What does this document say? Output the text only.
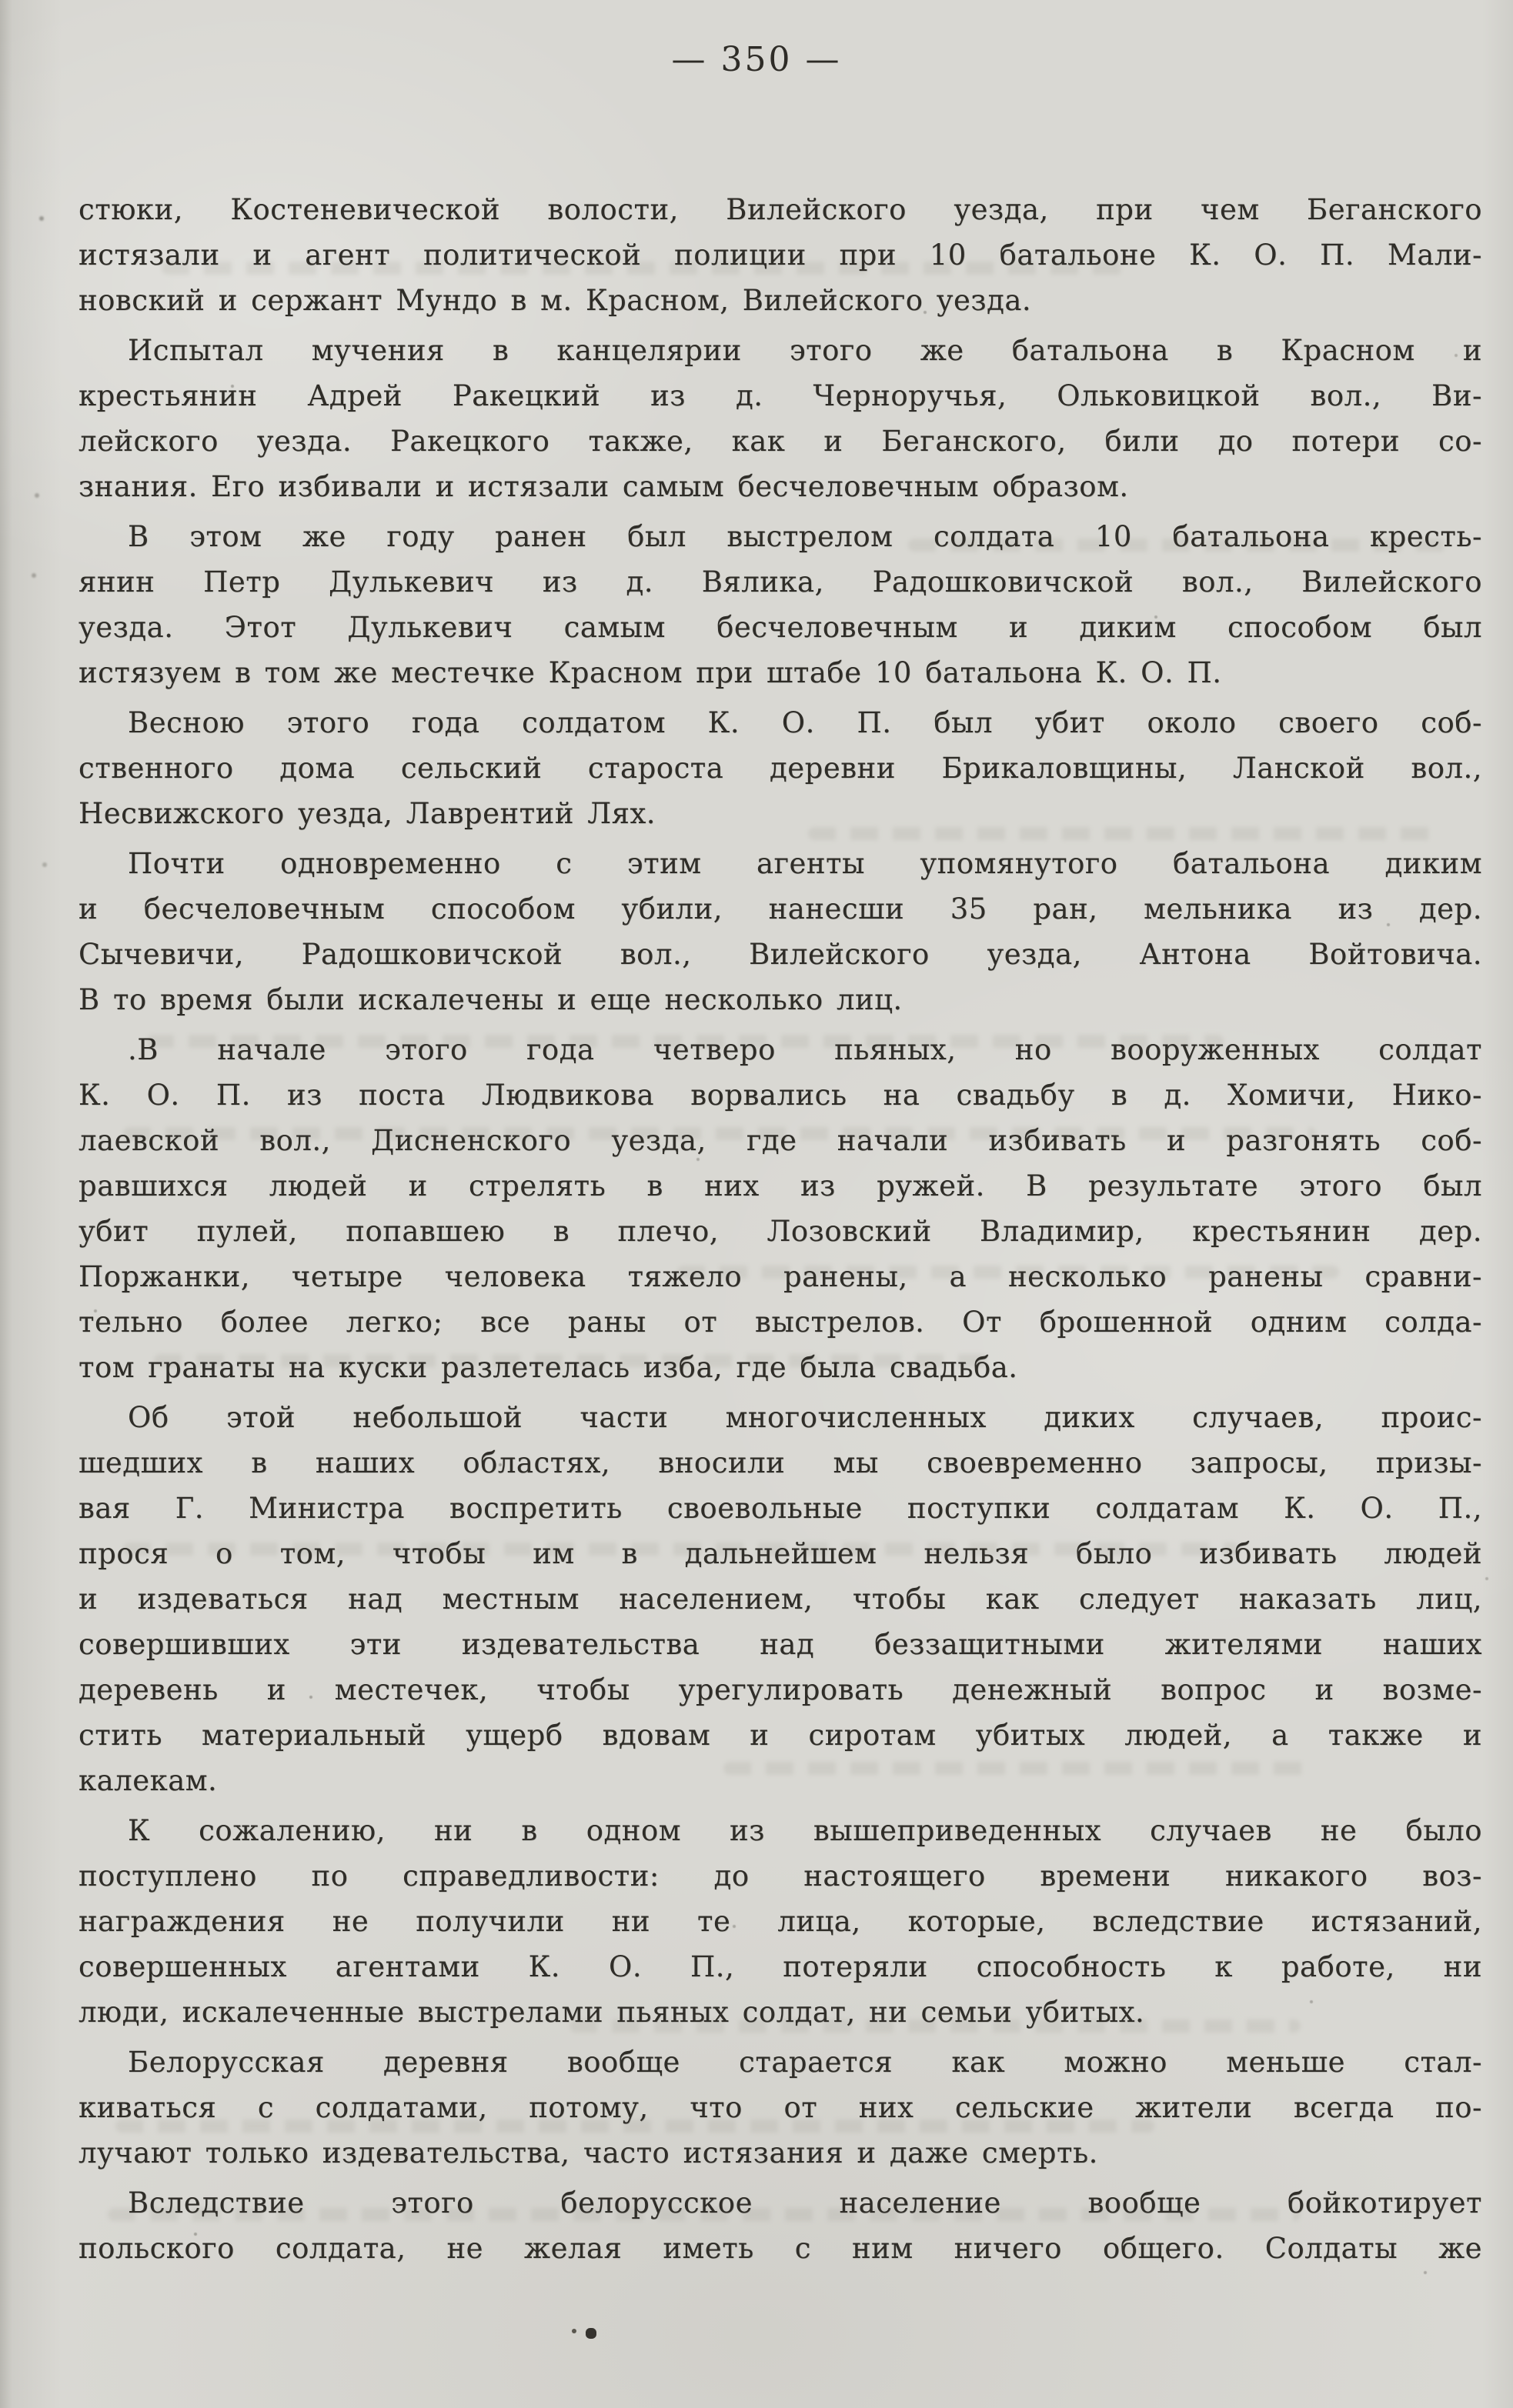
— 350 —
стюки, Костеневической волости, Вилейского уезда, при чем Беганского
истязали и агент политической полиции при 10 батальоне К. О. П. Мали-
новский и сержант Мундо в м. Красном, Вилейского уезда.
Испытал мучения в канцелярии этого же батальона в Красном и
крестьянин Адрей Ракецкий из д. Черноручья, Ольковицкой вол., Ви-
лейского уезда. Ракецкого также, как и Беганского, били до потери со-
знания. Его избивали и истязали самым бесчеловечным образом.
В этом же году ранен был выстрелом солдата 10 батальона кресть-
янин Петр Дулькевич из д. Вялика, Радошковичской вол., Вилейского
уезда. Этот Дулькевич самым бесчеловечным и диким способом был
истязуем в том же местечке Красном при штабе 10 батальона К. О. П.
Весною этого года солдатом К. О. П. был убит около своего соб-
ственного дома сельский староста деревни Брикаловщины, Ланской вол.,
Несвижского уезда, Лаврентий Лях.
Почти одновременно с этим агенты упомянутого батальона диким
и бесчеловечным способом убили, нанесши 35 ран, мельника из дер.
Сычевичи, Радошковичской вол., Вилейского уезда, Антона Войтовича.
В то время были искалечены и еще несколько лиц.
.В начале этого года четверо пьяных, но вооруженных солдат
К. О. П. из поста Людвикова ворвались на свадьбу в д. Хомичи, Нико-
лаевской вол., Дисненского уезда, где начали избивать и разгонять соб-
равшихся людей и стрелять в них из ружей. В результате этого был
убит пулей, попавшею в плечо, Лозовский Владимир, крестьянин дер.
Поржанки, четыре человека тяжело ранены, а несколько ранены сравни-
тельно более легко; все раны от выстрелов. От брошенной одним солда-
том гранаты на куски разлетелась изба, где была свадьба.
Об этой небольшой части многочисленных диких случаев, проис-
шедших в наших областях, вносили мы своевременно запросы, призы-
вая Г. Министра воспретить своевольные поступки солдатам К. О. П.,
прося о том, чтобы им в дальнейшем нельзя было избивать людей
и издеваться над местным населением, чтобы как следует наказать лиц,
совершивших эти издевательства над беззащитными жителями наших
деревень и местечек, чтобы урегулировать денежный вопрос и возме-
стить материальный ущерб вдовам и сиротам убитых людей, а также и
калекам.
К сожалению, ни в одном из вышеприведенных случаев не было
поступлено по справедливости: до настоящего времени никакого воз-
награждения не получили ни те лица, которые, вследствие истязаний,
совершенных агентами К. О. П., потеряли способность к работе, ни
люди, искалеченные выстрелами пьяных солдат, ни семьи убитых.
Белорусская деревня вообще старается как можно меньше стал-
киваться с солдатами, потому, что от них сельские жители всегда по-
лучают только издевательства, часто истязания и даже смерть.
Вследствие этого белорусское население вообще бойкотирует
польского солдата, не желая иметь с ним ничего общего. Солдаты же
